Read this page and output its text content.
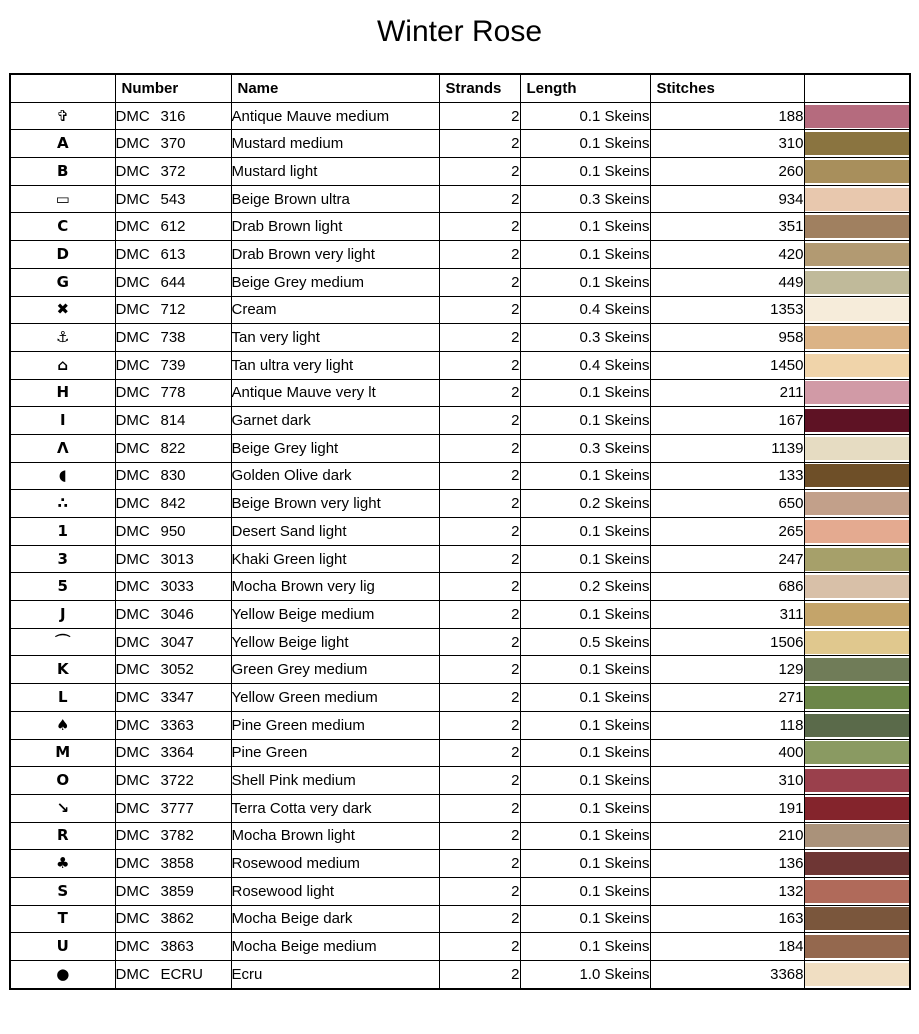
Winter Rose
	Number	Name	Strands	Length	Stitches	
✞	DMC 316	Antique Mauve medium	2	0.1 Skeins	188	

A	DMC 370	Mustard medium	2	0.1 Skeins	310	

B	DMC 372	Mustard light	2	0.1 Skeins	260	

▭	DMC 543	Beige Brown ultra	2	0.3 Skeins	934	

C	DMC 612	Drab Brown light	2	0.1 Skeins	351	

D	DMC 613	Drab Brown very light	2	0.1 Skeins	420	

G	DMC 644	Beige Grey medium	2	0.1 Skeins	449	

✖	DMC 712	Cream	2	0.4 Skeins	1353	

⚓	DMC 738	Tan very light	2	0.3 Skeins	958	

⌂	DMC 739	Tan ultra very light	2	0.4 Skeins	1450	

H	DMC 778	Antique Mauve very lt	2	0.1 Skeins	211	

I	DMC 814	Garnet dark	2	0.1 Skeins	167	

Λ	DMC 822	Beige Grey light	2	0.3 Skeins	1139	

◖	DMC 830	Golden Olive dark	2	0.1 Skeins	133	

∴	DMC 842	Beige Brown very light	2	0.2 Skeins	650	

1	DMC 950	Desert Sand light	2	0.1 Skeins	265	

3	DMC 3013	Khaki Green light	2	0.1 Skeins	247	

5	DMC 3033	Mocha Brown very lig	2	0.2 Skeins	686	

J	DMC 3046	Yellow Beige medium	2	0.1 Skeins	311	

⌒	DMC 3047	Yellow Beige light	2	0.5 Skeins	1506	

K	DMC 3052	Green Grey medium	2	0.1 Skeins	129	

L	DMC 3347	Yellow Green medium	2	0.1 Skeins	271	

♠	DMC 3363	Pine Green medium	2	0.1 Skeins	118	

M	DMC 3364	Pine Green	2	0.1 Skeins	400	

O	DMC 3722	Shell Pink medium	2	0.1 Skeins	310	

↘	DMC 3777	Terra Cotta very dark	2	0.1 Skeins	191	

R	DMC 3782	Mocha Brown light	2	0.1 Skeins	210	

♣	DMC 3858	Rosewood medium	2	0.1 Skeins	136	

S	DMC 3859	Rosewood light	2	0.1 Skeins	132	

T	DMC 3862	Mocha Beige dark	2	0.1 Skeins	163	

U	DMC 3863	Mocha Beige medium	2	0.1 Skeins	184	

●	DMC ECRU	Ecru	2	1.0 Skeins	3368	
